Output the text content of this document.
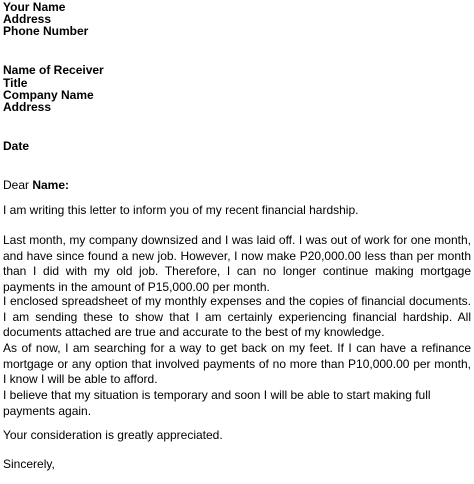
Your Name
Address
Phone Number
Name of Receiver
Title
Company Name
Address
Date
Dear Name:
I am writing this letter to inform you of my recent financial hardship.
Last month, my company downsized and I was laid off. I was out of work for one month, and have since found a new job. However, I now make P20,000.00 less than per month than I did with my old job. Therefore, I can no longer continue making mortgage payments in the amount of P15,000.00 per month.
I enclosed spreadsheet of my monthly expenses and the copies of financial documents. I am sending these to show that I am certainly experiencing financial hardship. All documents attached are true and accurate to the best of my knowledge.
As of now, I am searching for a way to get back on my feet. If I can have a refinance mortgage or any option that involved payments of no more than P10,000.00 per month, I know I will be able to afford.
I believe that my situation is temporary and soon I will be able to start making full payments again.
Your consideration is greatly appreciated.
Sincerely,
